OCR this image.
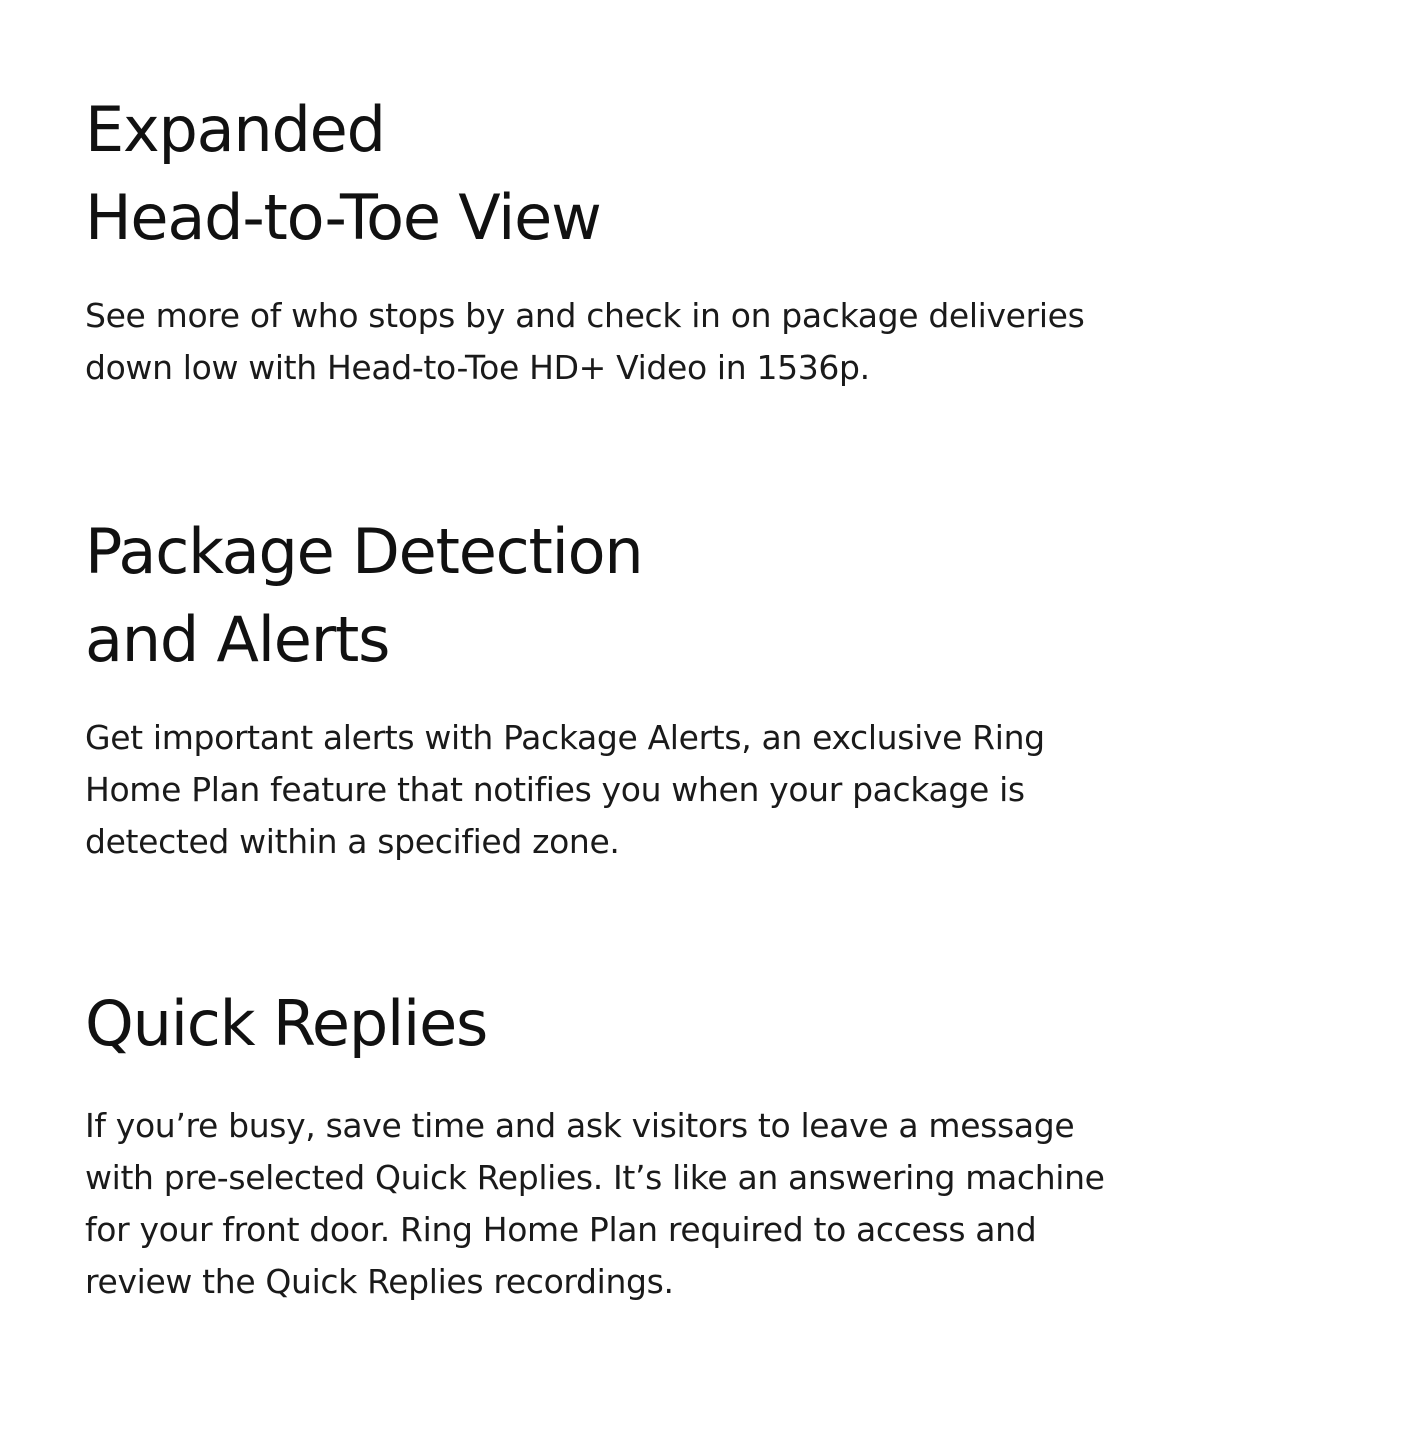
Expanded
Head-to-Toe View

See more of who stops by and check in on package deliveries
down low with Head-to-Toe HD+ Video in 1536p.

Package Detection
and Alerts

Get important alerts with Package Alerts, an exclusive Ring
Home Plan feature that notifies you when your package is
detected within a specified zone.

Quick Replies

If you’re busy, save time and ask visitors to leave a message
with pre-selected Quick Replies. It’s like an answering machine
for your front door. Ring Home Plan required to access and
review the Quick Replies recordings.
